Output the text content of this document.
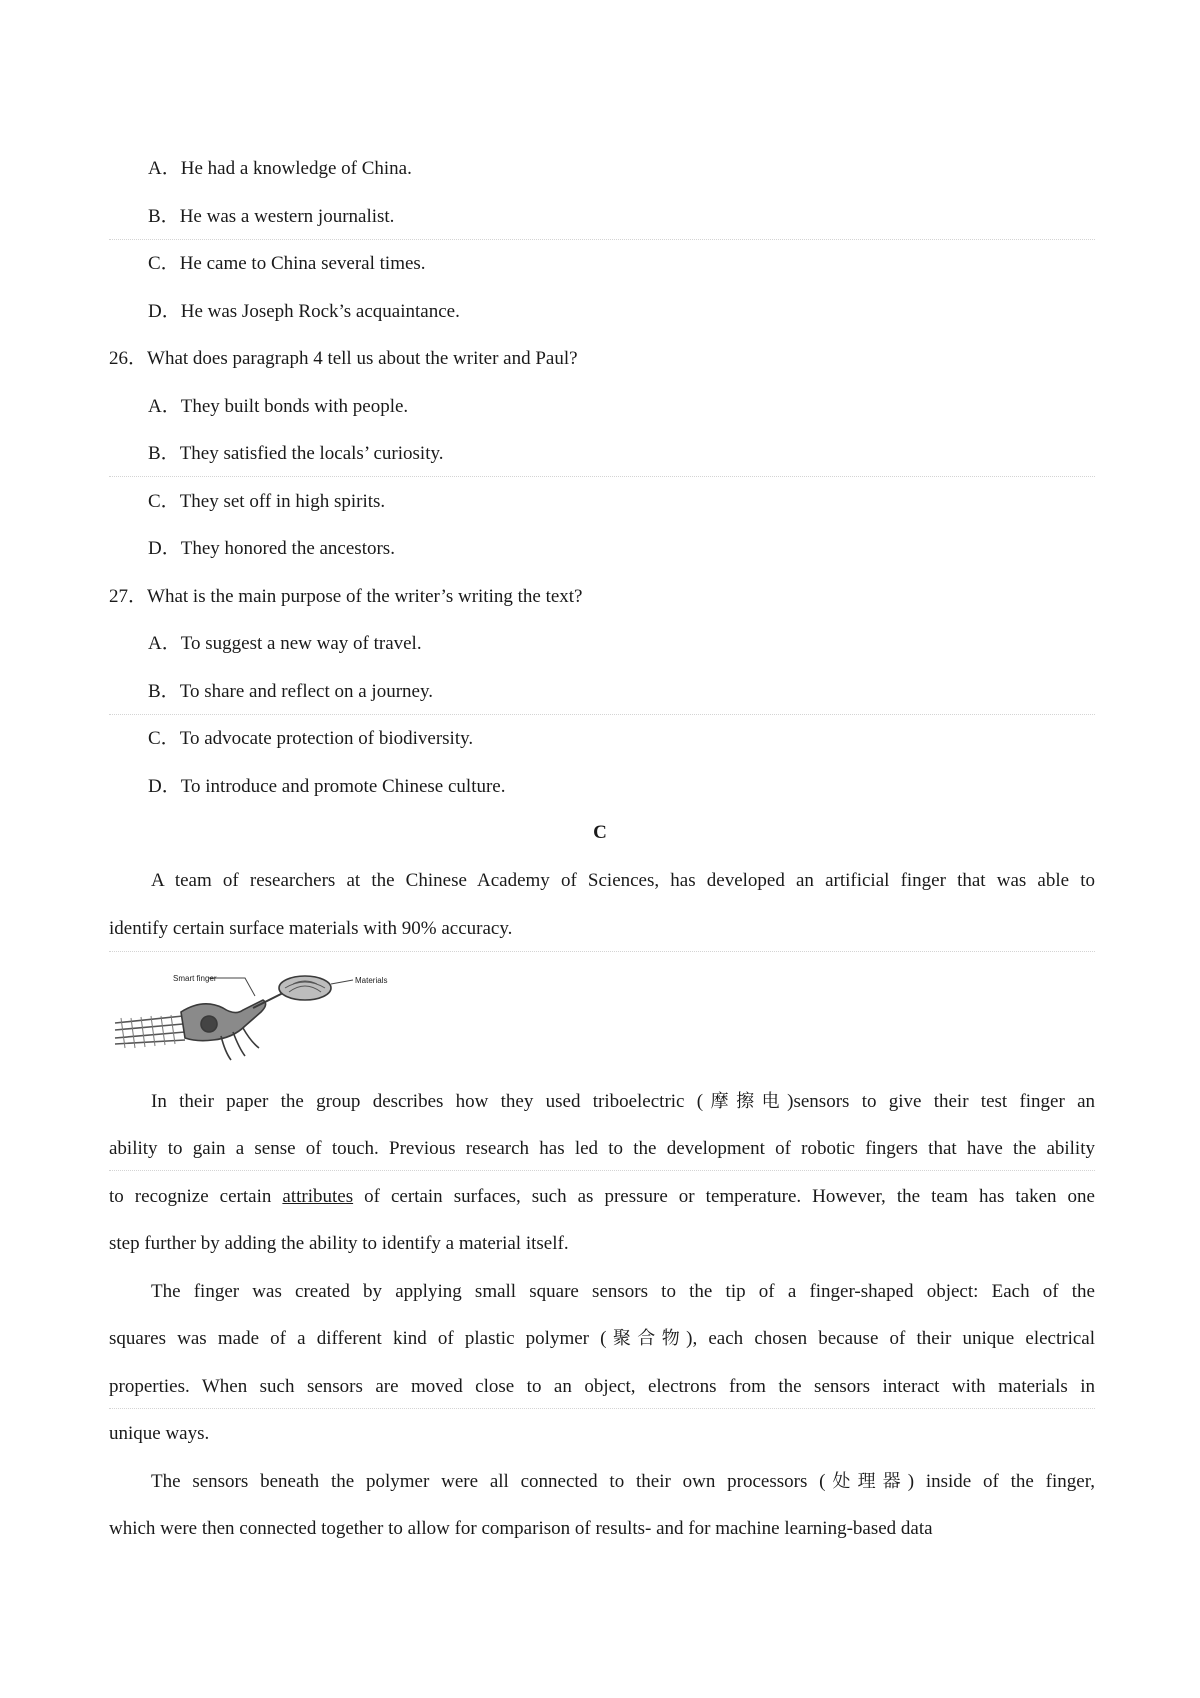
A．He had a knowledge of China.
B．He was a western journalist.
C．He came to China several times.
D．He was Joseph Rock’s acquaintance.
26．What does paragraph 4 tell us about the writer and Paul?
A．They built bonds with people.
B．They satisfied the locals’ curiosity.
C．They set off in high spirits.
D．They honored the ancestors.
27．What is the main purpose of the writer’s writing the text?
A．To suggest a new way of travel.
B．To share and reflect on a journey.
C．To advocate protection of biodiversity.
D．To introduce and promote Chinese culture.
C
A team of researchers at the Chinese Academy of Sciences, has developed an artificial finger that was able to
identify certain surface materials with 90% accuracy.
Smart finger	Materials
In their paper the group describes how they used triboelectric (摩擦电)sensors to give their test finger an
ability to gain a sense of touch. Previous research has led to the development of robotic fingers that have the ability
to recognize certain attributes of certain surfaces, such as pressure or temperature. However, the team has taken one
step further by adding the ability to identify a material itself.
The finger was created by applying small square sensors to the tip of a finger-shaped object: Each of the
squares was made of a different kind of plastic polymer (聚合物), each chosen because of their unique electrical
properties. When such sensors are moved close to an object, electrons from the sensors interact with materials in
unique ways.
The sensors beneath the polymer were all connected to their own processors (处理器) inside of the finger,
which were then connected together to allow for comparison of results- and for machine learning-based data
